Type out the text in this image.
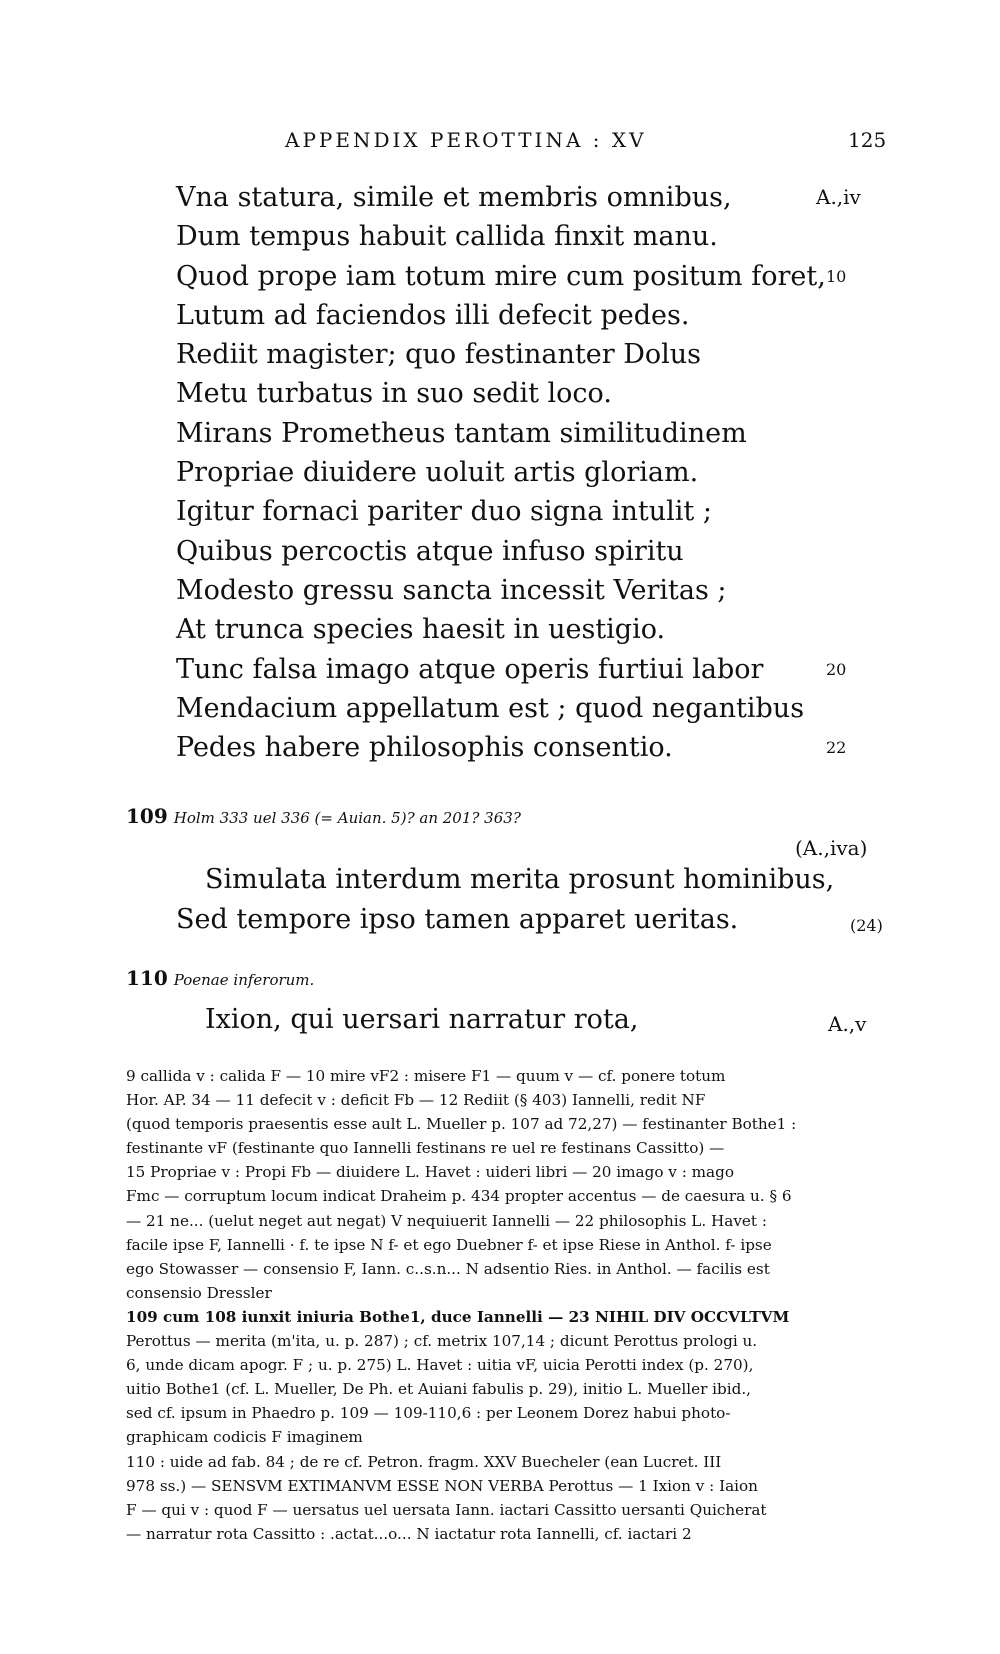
APPENDIX PEROTTINA : XV	125
Vna statura, simile et membris omnibus,	A.,iv
Dum tempus habuit callida finxit manu.
Quod prope iam totum mire cum positum foret, 10
Lutum ad faciendos illi defecit pedes.
Rediit magister; quo festinanter Dolus
Metu turbatus in suo sedit loco.
Mirans Prometheus tantam similitudinem
Propriae diuidere uoluit artis gloriam.
Igitur fornaci pariter duo signa intulit ;
Quibus percoctis atque infuso spiritu
Modesto gressu sancta incessit Veritas ;
At trunca species haesit in uestigio.
Tunc falsa imago atque operis furtiui labor	20
Mendacium appellatum est ; quod negantibus
Pedes habere philosophis consentio.	22
109 Holm 333 uel 336 (= Auian. 5)? an 201? 363?
(A.,iva)
Simulata interdum merita prosunt hominibus,
Sed tempore ipso tamen apparet ueritas.	(24)
110 Poenae inferorum.
Ixion, qui uersari narratur rota,	A.,v
9 callida v : calida F — 10 mire vF2 : misere F1 — quum v — cf. ponere totum
Hor. AP. 34 — 11 defecit v : deficit Fb — 12 Rediit (§ 403) Iannelli, redit NF
(quod temporis praesentis esse ault L. Mueller p. 107 ad 72,27) — festinanter Bothe1 :
festinante vF (festinante quo Iannelli festinans re uel re festinans Cassitto) —
15 Propriae v : Propi Fb — diuidere L. Havet : uideri libri — 20 imago v : mago
Fmc — corruptum locum indicat Draheim p. 434 propter accentus — de caesura u. § 6
— 21 ne... (uelut neget aut negat) V nequiuerit Iannelli — 22 philosophis L. Havet :
facile ipse F, Iannelli · f. te ipse N f- et ego Duebner f- et ipse Riese in Anthol. f- ipse
ego Stowasser — consensio F, Iann. c..s.n... N adsentio Ries. in Anthol. — facilis est
consensio Dressler
109 cum 108 iunxit iniuria Bothe1, duce Iannelli — 23 NIHIL DIV OCCVLTVM
Perottus — merita (m'ita, u. p. 287) ; cf. metrix 107,14 ; dicunt Perottus prologi u.
6, unde dicam apogr. F ; u. p. 275) L. Havet : uitia vF, uicia Perotti index (p. 270),
uitio Bothe1 (cf. L. Mueller, De Ph. et Auiani fabulis p. 29), initio L. Mueller ibid.,
sed cf. ipsum in Phaedro p. 109 — 109-110,6 : per Leonem Dorez habui photo-
graphicam codicis F imaginem
110 : uide ad fab. 84 ; de re cf. Petron. fragm. XXV Buecheler (ean Lucret. III
978 ss.) — SENSVM EXTIMANVM ESSE NON VERBA Perottus — 1 Ixion v : Iaion
F — qui v : quod F — uersatus uel uersata Iann. iactari Cassitto uersanti Quicherat
— narratur rota Cassitto : .actat...o... N iactatur rota Iannelli, cf. iactari 2
